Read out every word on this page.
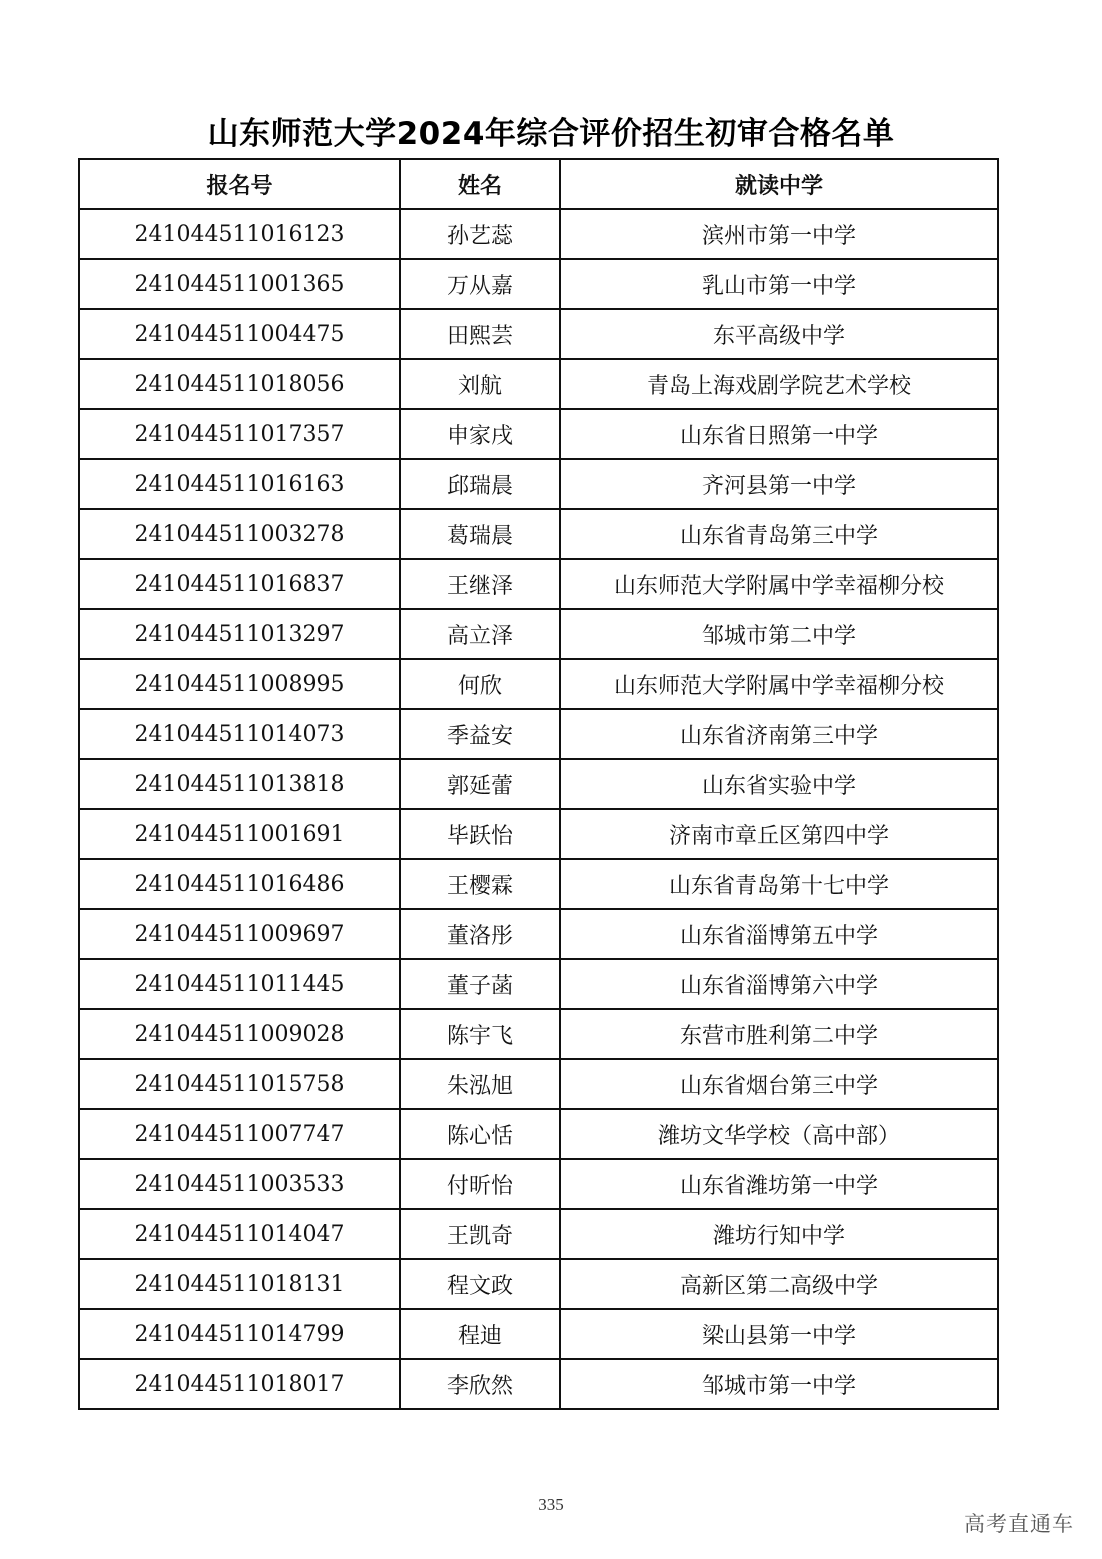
山东师范大学2024年综合评价招生初审合格名单
报名号	姓名	就读中学
241044511016123	孙艺蕊	滨州市第一中学
241044511001365	万从嘉	乳山市第一中学
241044511004475	田熙芸	东平高级中学
241044511018056	刘航	青岛上海戏剧学院艺术学校
241044511017357	申家戌	山东省日照第一中学
241044511016163	邱瑞晨	齐河县第一中学
241044511003278	葛瑞晨	山东省青岛第三中学
241044511016837	王继泽	山东师范大学附属中学幸福柳分校
241044511013297	高立泽	邹城市第二中学
241044511008995	何欣	山东师范大学附属中学幸福柳分校
241044511014073	季益安	山东省济南第三中学
241044511013818	郭延蕾	山东省实验中学
241044511001691	毕跃怡	济南市章丘区第四中学
241044511016486	王樱霖	山东省青岛第十七中学
241044511009697	董洛彤	山东省淄博第五中学
241044511011445	董子菡	山东省淄博第六中学
241044511009028	陈宇飞	东营市胜利第二中学
241044511015758	朱泓旭	山东省烟台第三中学
241044511007747	陈心恬	潍坊文华学校（高中部）
241044511003533	付昕怡	山东省潍坊第一中学
241044511014047	王凯奇	潍坊行知中学
241044511018131	程文政	高新区第二高级中学
241044511014799	程迪	梁山县第一中学
241044511018017	李欣然	邹城市第一中学
335
高考直通车
